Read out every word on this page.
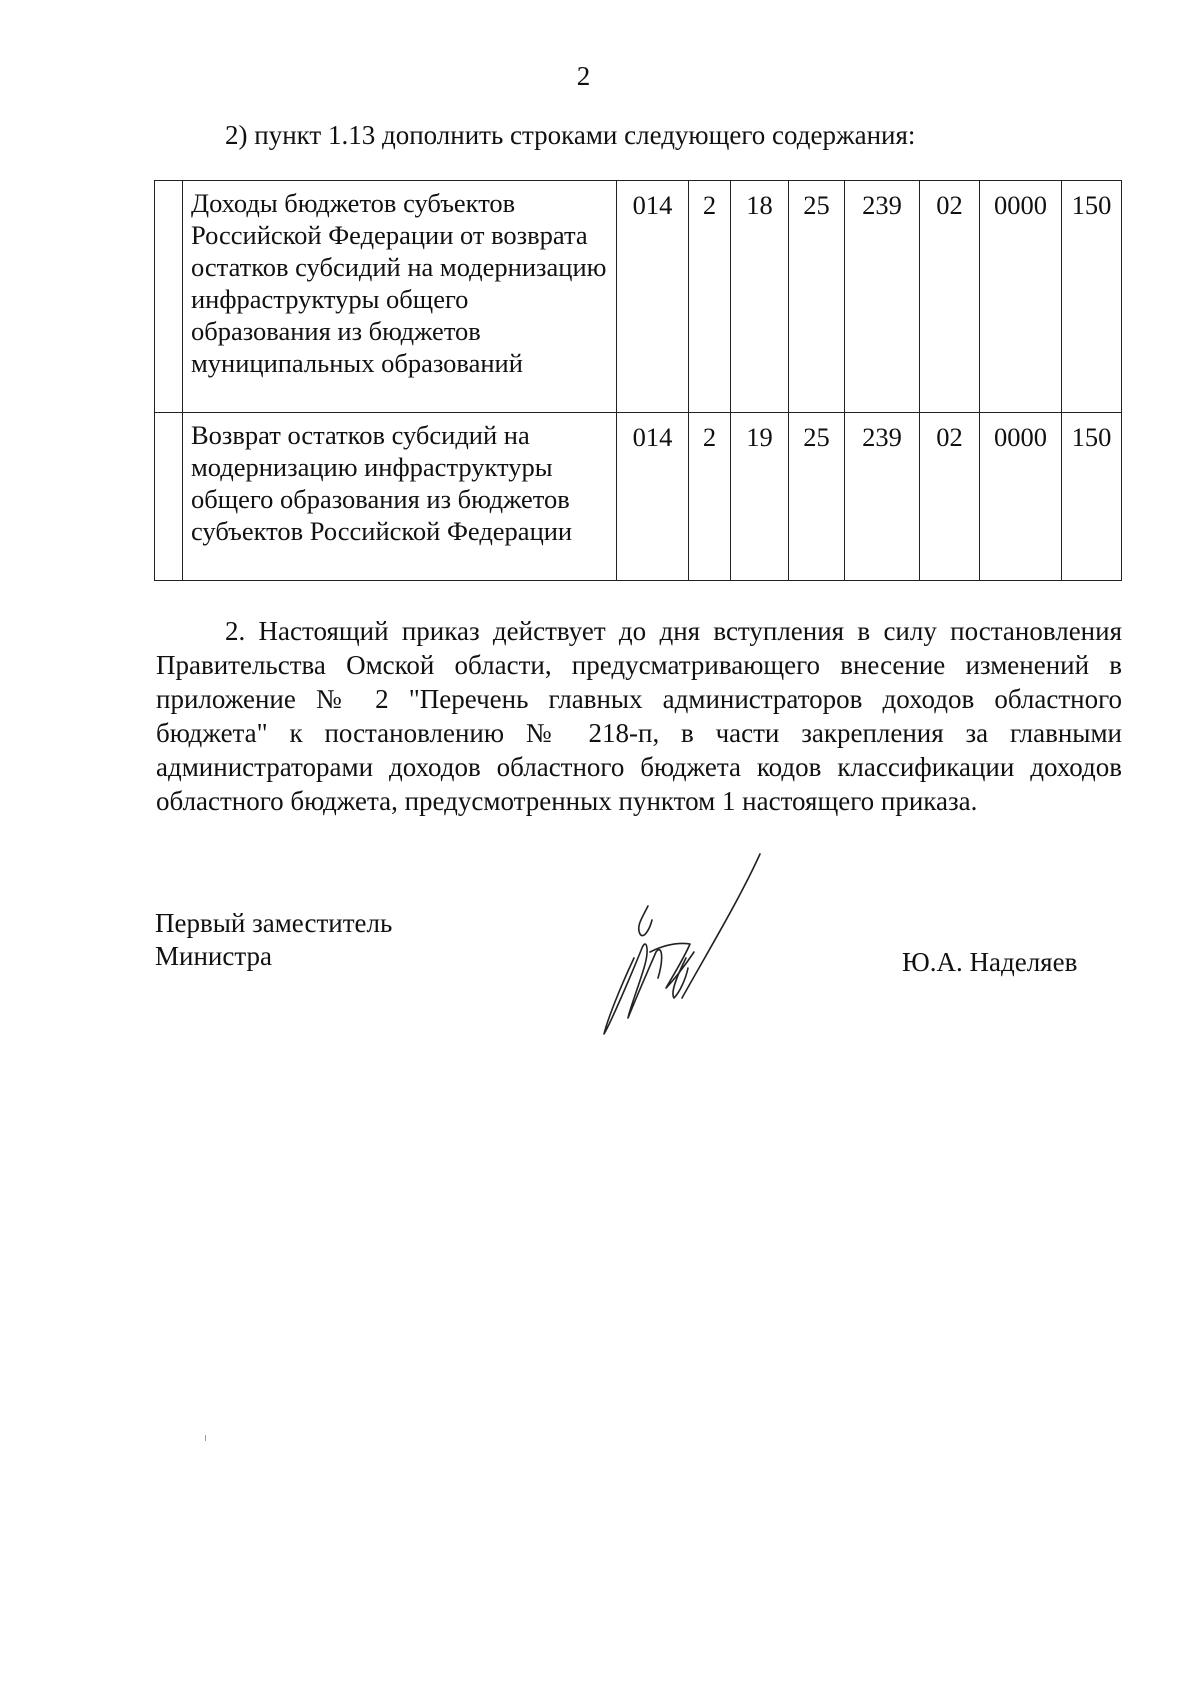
2
2) пункт 1.13 дополнить строками следующего содержания:
	Доходы бюджетов субъектов Российской Федерации от возврата остатков субсидий на модернизацию инфраструктуры общего образования из бюджетов муниципальных образований	014	2	18	25	239	02	0000	150
	Возврат остатков субсидий на модернизацию инфраструктуры общего образования из бюджетов субъектов Российской Федерации	014	2	19	25	239	02	0000	150
2. Настоящий приказ действует до дня вступления в силу постановления Правительства Омской области, предусматривающего внесение изменений в приложение № 2 "Перечень главных администраторов доходов областного бюджета" к постановлению № 218-п, в части закрепления за главными администраторами доходов областного бюджета кодов классификации доходов областного бюджета, предусмотренных пунктом 1 настоящего приказа.
Первый заместитель
Министра	Ю.А. Наделяев
